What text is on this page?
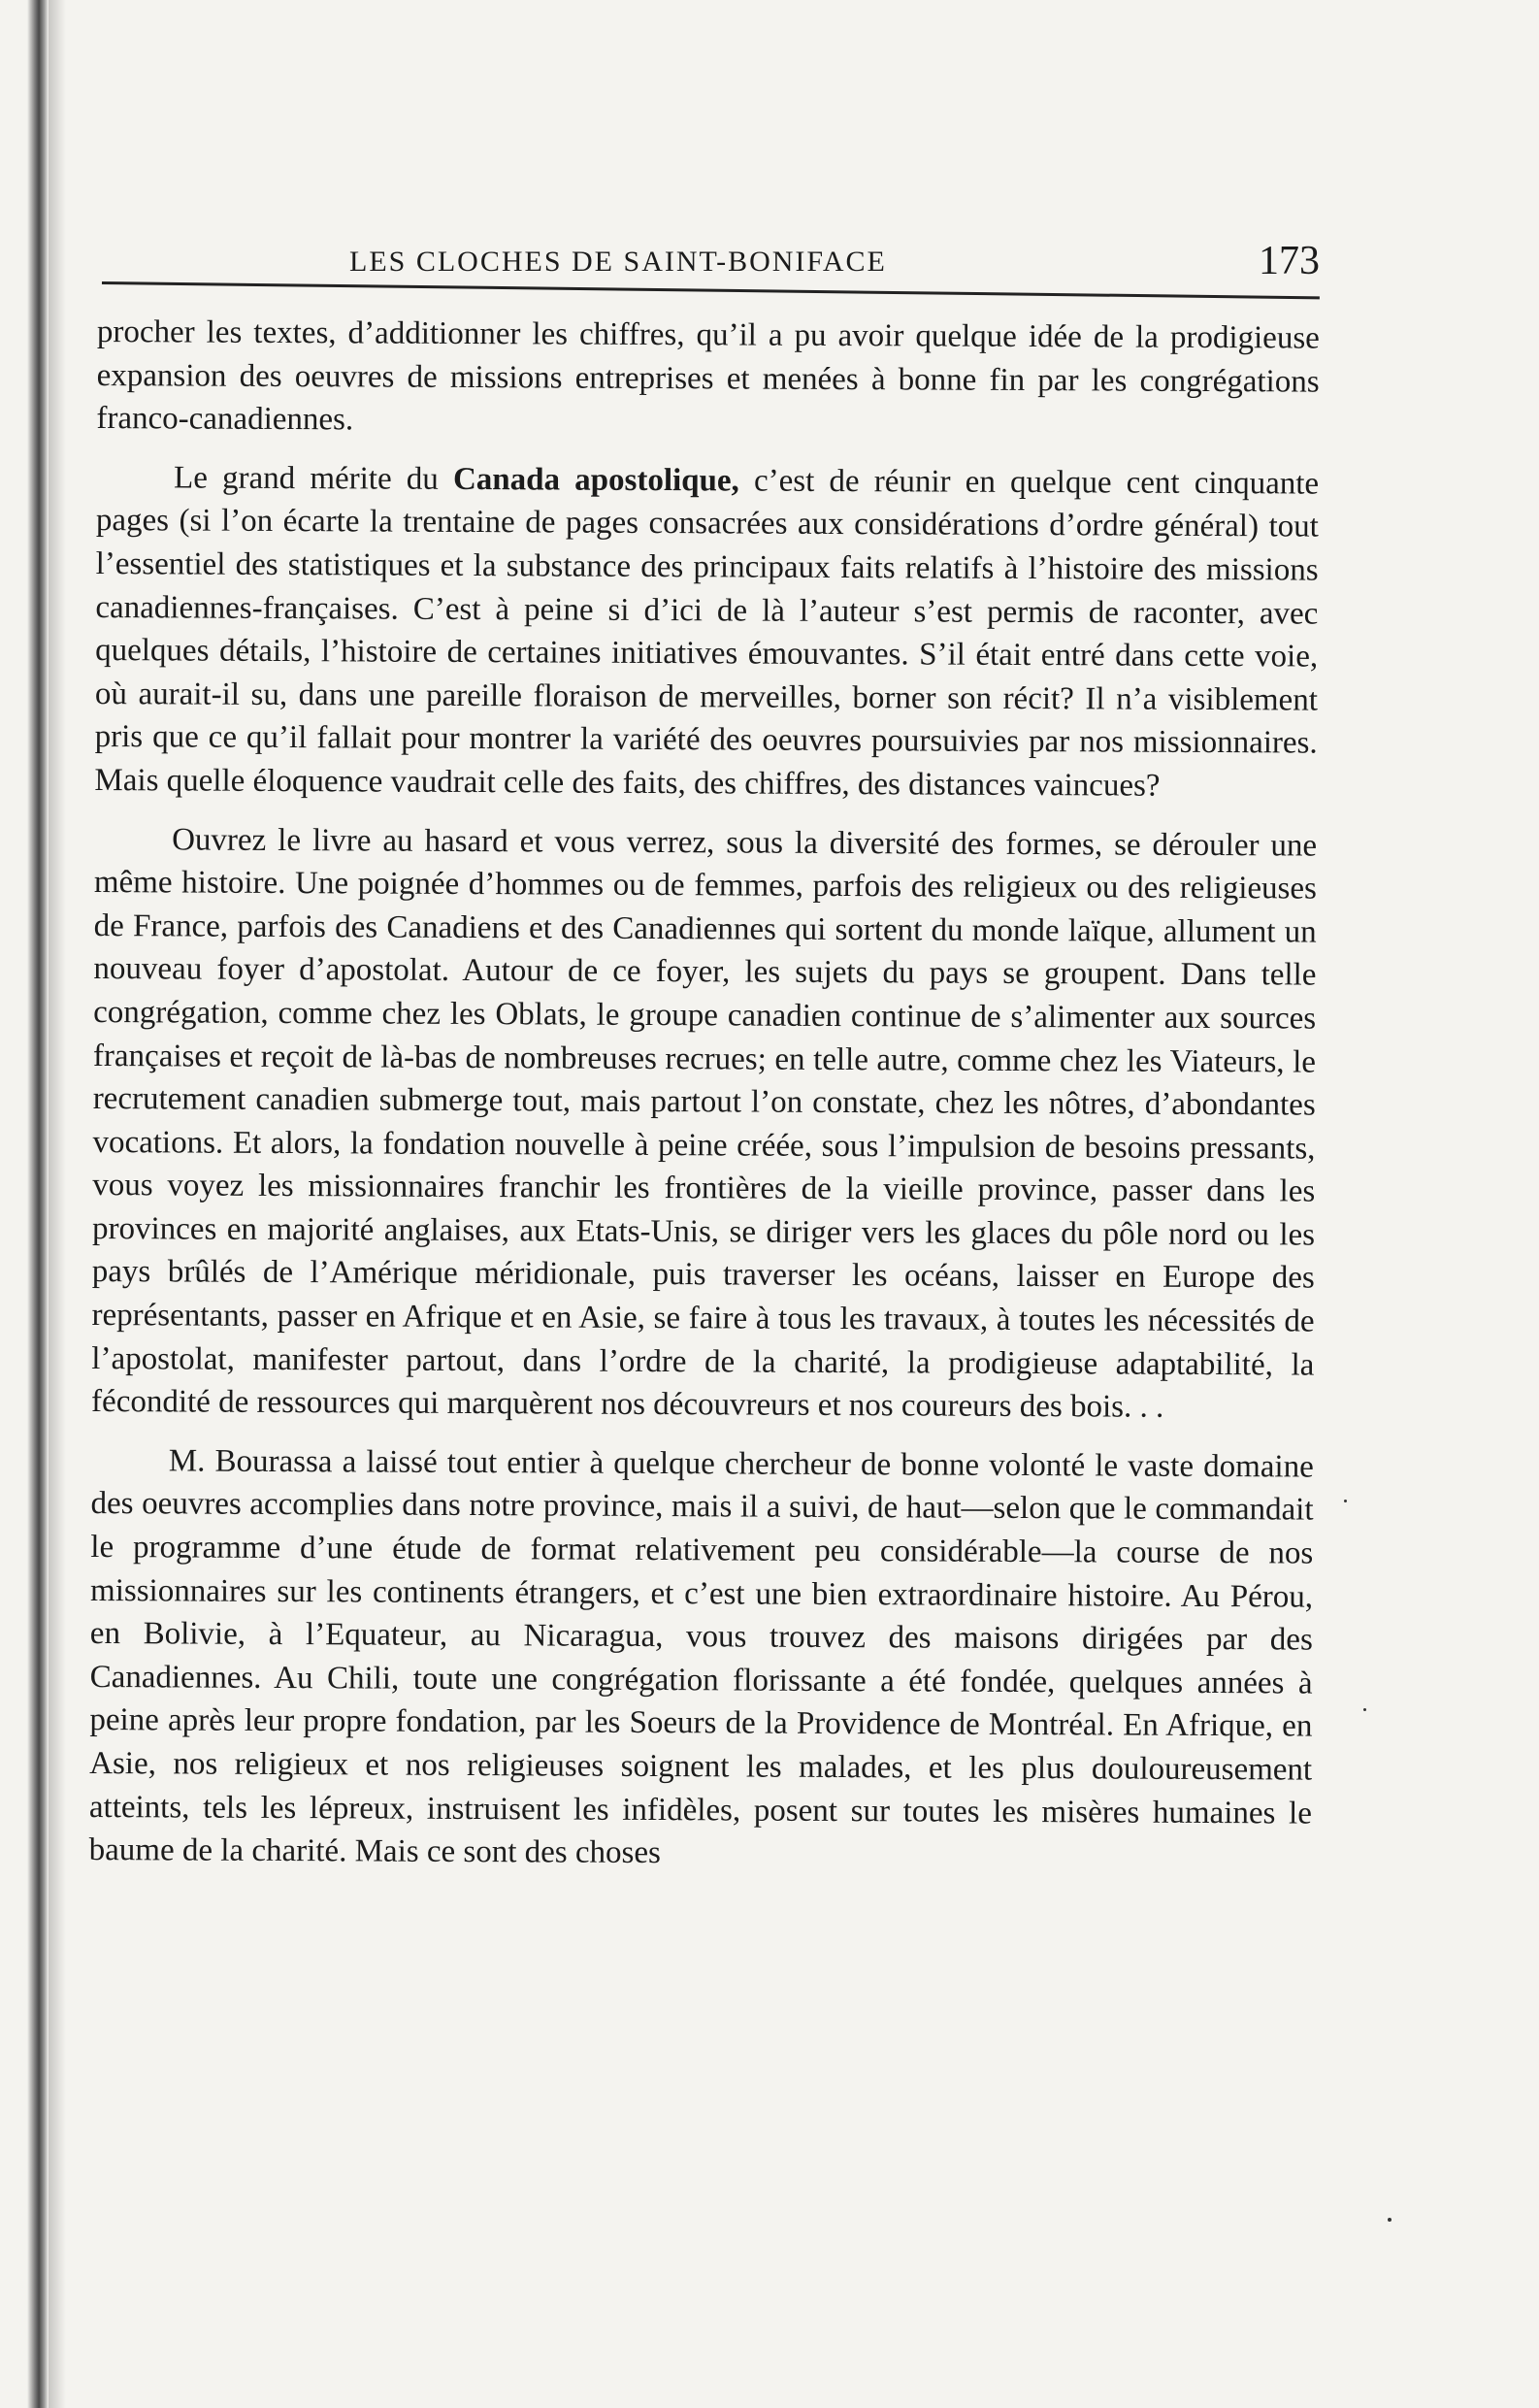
LES CLOCHES DE SAINT-BONIFACE	173

procher les textes, d’additionner les chiffres, qu’il a pu avoir quelque idée de la prodigieuse expansion des oeuvres de missions entreprises et menées à bonne fin par les congrégations franco-canadiennes.

Le grand mérite du Canada apostolique, c’est de réunir en quelque cent cinquante pages (si l’on écarte la trentaine de pages consacrées aux considérations d’ordre général) tout l’essentiel des statistiques et la substance des principaux faits relatifs à l’histoire des missions canadiennes-françaises. C’est à peine si d’ici de là l’auteur s’est permis de raconter, avec quelques détails, l’histoire de certaines initiatives émouvantes. S’il était entré dans cette voie, où aurait-il su, dans une pareille floraison de merveilles, borner son récit? Il n’a visiblement pris que ce qu’il fallait pour montrer la variété des oeuvres poursuivies par nos missionnaires. Mais quelle éloquence vaudrait celle des faits, des chiffres, des distances vaincues?

Ouvrez le livre au hasard et vous verrez, sous la diversité des formes, se dérouler une même histoire. Une poignée d’hommes ou de femmes, parfois des religieux ou des religieuses de France, parfois des Canadiens et des Canadiennes qui sortent du monde laïque, allument un nouveau foyer d’apostolat. Autour de ce foyer, les sujets du pays se groupent. Dans telle congrégation, comme chez les Oblats, le groupe canadien continue de s’alimenter aux sources françaises et reçoit de là-bas de nombreuses recrues; en telle autre, comme chez les Viateurs, le recrutement canadien submerge tout, mais partout l’on constate, chez les nôtres, d’abondantes vocations. Et alors, la fondation nouvelle à peine créée, sous l’impulsion de besoins pressants, vous voyez les missionnaires franchir les frontières de la vieille province, passer dans les provinces en majorité anglaises, aux Etats-Unis, se diriger vers les glaces du pôle nord ou les pays brûlés de l’Amérique méridionale, puis traverser les océans, laisser en Europe des représentants, passer en Afrique et en Asie, se faire à tous les travaux, à toutes les nécessités de l’apostolat, manifester partout, dans l’ordre de la charité, la prodigieuse adaptabilité, la fécondité de ressources qui marquèrent nos découvreurs et nos coureurs des bois. . .

M. Bourassa a laissé tout entier à quelque chercheur de bonne volonté le vaste domaine des oeuvres accomplies dans notre province, mais il a suivi, de haut—selon que le commandait le programme d’une étude de format relativement peu considérable—la course de nos missionnaires sur les continents étrangers, et c’est une bien extraordinaire histoire. Au Pérou, en Bolivie, à l’Equateur, au Nicaragua, vous trouvez des maisons dirigées par des Canadiennes. Au Chili, toute une congrégation florissante a été fondée, quelques années à peine après leur propre fondation, par les Soeurs de la Providence de Montréal. En Afrique, en Asie, nos religieux et nos religieuses soignent les malades, et les plus douloureusement atteints, tels les lépreux, instruisent les infidèles, posent sur toutes les misères humaines le baume de la charité. Mais ce sont des choses
